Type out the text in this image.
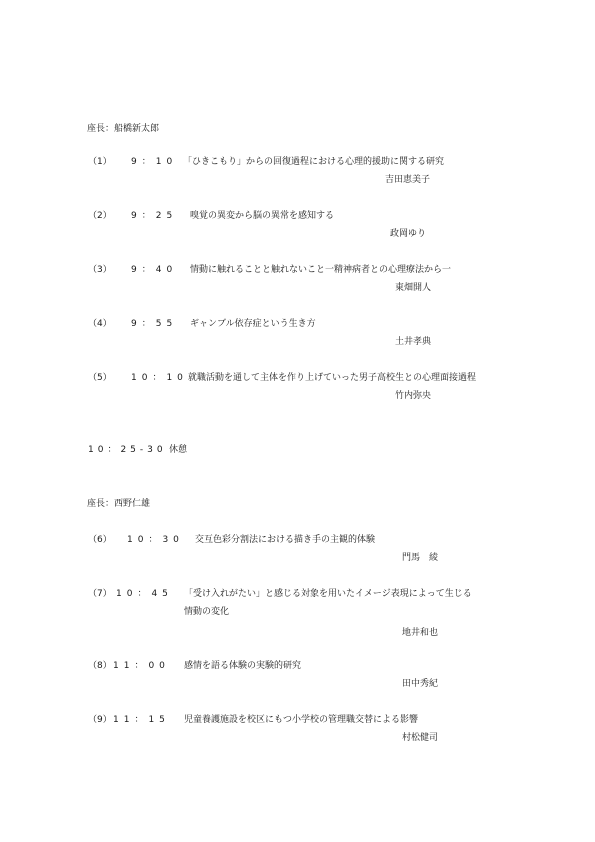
座長：船橋新太郎
（1） 9：10 「ひきこもり」からの回復過程における心理的援助に関する研究
吉田恵美子
（2） 9：25 嗅覚の異変から脳の異常を感知する
政岡ゆり
（3） 9：40 情動に触れることと触れないこと一精神病者との心理療法から一
東畑開人
（4） 9：55 ギャンブル依存症という生き方
土井孝典
（5） 10：10 就職活動を通して主体を作り上げていった男子高校生との心理面接過程
竹内弥央
10：25-30 休憩
座長：西野仁雄
（6） 10：30 交互色彩分割法における描き手の主観的体験
門馬　綾
（7） 10：45 「受け入れがたい」と感じる対象を用いたイメージ表現によって生じる
情動の変化
地井和也
（8） 11：00 感情を語る体験の実験的研究
田中秀紀
（9） 11：15 児童養護施設を校区にもつ小学校の管理職交替による影響
村松健司
